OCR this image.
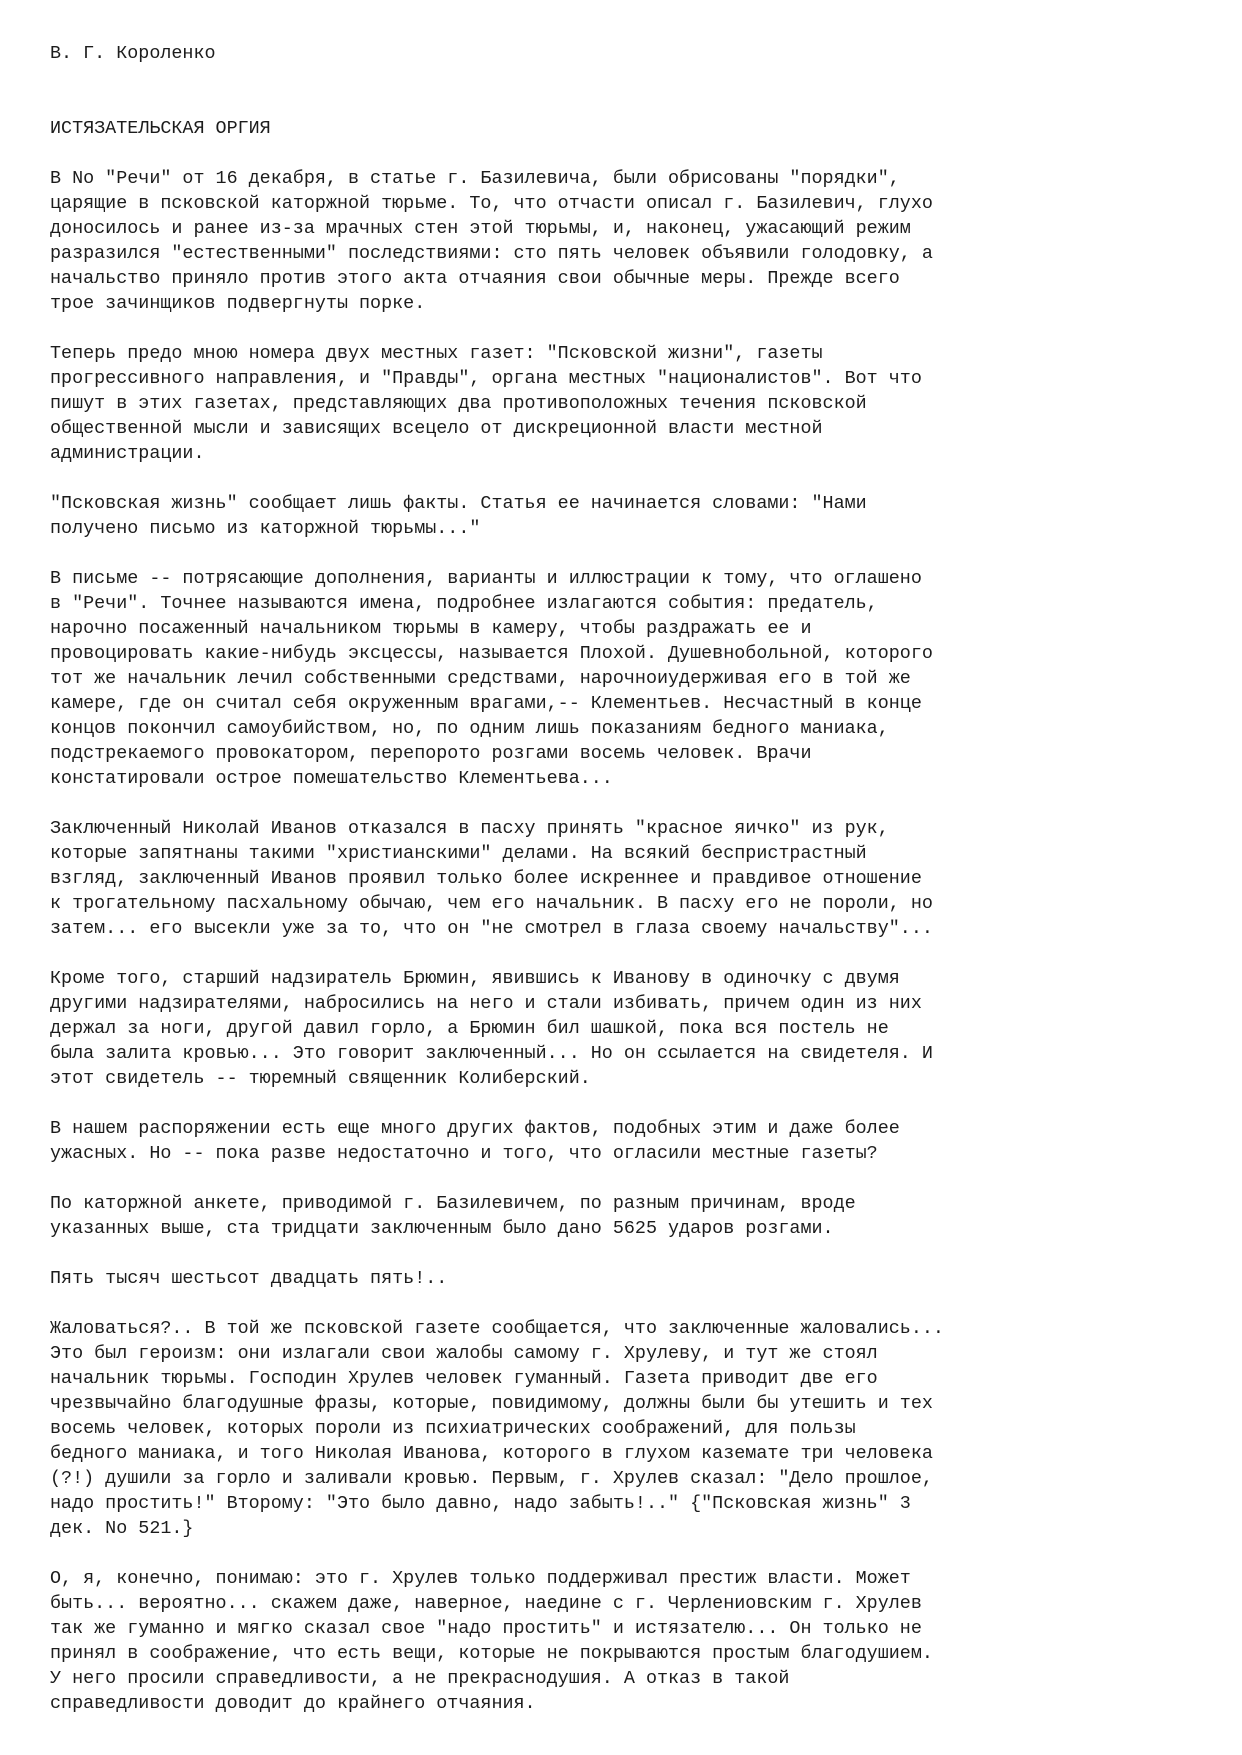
В. Г. Короленко
ИСТЯЗАТЕЛЬСКАЯ ОРГИЯ
В No "Речи" от 16 декабря, в статье г. Базилевича, были обрисованы "порядки",
царящие в псковской каторжной тюрьме. То, что отчасти описал г. Базилевич, глухо
доносилось и ранее из-за мрачных стен этой тюрьмы, и, наконец, ужасающий режим
разразился "естественными" последствиями: сто пять человек объявили голодовку, а
начальство приняло против этого акта отчаяния свои обычные меры. Прежде всего
трое зачинщиков подвергнуты порке.
Теперь предо мною номера двух местных газет: "Псковской жизни", газеты
прогрессивного направления, и "Правды", органа местных "националистов". Вот что
пишут в этих газетах, представляющих два противоположных течения псковской
общественной мысли и зависящих всецело от дискреционной власти местной
администрации.
"Псковская жизнь" сообщает лишь факты. Статья ее начинается словами: "Нами
получено письмо из каторжной тюрьмы..."
В письме -- потрясающие дополнения, варианты и иллюстрации к тому, что оглашено
в "Речи". Точнее называются имена, подробнее излагаются события: предатель,
нарочно посаженный начальником тюрьмы в камеру, чтобы раздражать ее и
провоцировать какие-нибудь эксцессы, называется Плохой. Душевнобольной, которого
тот же начальник лечил собственными средствами, нарочноиудерживая его в той же
камере, где он считал себя окруженным врагами,-- Клементьев. Несчастный в конце
концов покончил самоубийством, но, по одним лишь показаниям бедного маниака,
подстрекаемого провокатором, перепорото розгами восемь человек. Врачи
констатировали острое помешательство Клементьева...
Заключенный Николай Иванов отказался в пасху принять "красное яичко" из рук,
которые запятнаны такими "христианскими" делами. На всякий беспристрастный
взгляд, заключенный Иванов проявил только более искреннее и правдивое отношение
к трогательному пасхальному обычаю, чем его начальник. В пасху его не пороли, но
затем... его высекли уже за то, что он "не смотрел в глаза своему начальству"...
Кроме того, старший надзиратель Брюмин, явившись к Иванову в одиночку с двумя
другими надзирателями, набросились на него и стали избивать, причем один из них
держал за ноги, другой давил горло, а Брюмин бил шашкой, пока вся постель не
была залита кровью... Это говорит заключенный... Но он ссылается на свидетеля. И
этот свидетель -- тюремный священник Колиберский.
В нашем распоряжении есть еще много других фактов, подобных этим и даже более
ужасных. Но -- пока разве недостаточно и того, что огласили местные газеты?
По каторжной анкете, приводимой г. Базилевичем, по разным причинам, вроде
указанных выше, ста тридцати заключенным было дано 5625 ударов розгами.
Пять тысяч шестьсот двадцать пять!..
Жаловаться?.. В той же псковской газете сообщается, что заключенные жаловались...
Это был героизм: они излагали свои жалобы самому г. Хрулеву, и тут же стоял
начальник тюрьмы. Господин Хрулев человек гуманный. Газета приводит две его
чрезвычайно благодушные фразы, которые, повидимому, должны были бы утешить и тех
восемь человек, которых пороли из психиатрических соображений, для пользы
бедного маниака, и того Николая Иванова, которого в глухом каземате три человека
(?!) душили за горло и заливали кровью. Первым, г. Хрулев сказал: "Дело прошлое,
надо простить!" Второму: "Это было давно, надо забыть!.." {"Псковская жизнь" 3
дек. No 521.}
О, я, конечно, понимаю: это г. Хрулев только поддерживал престиж власти. Может
быть... вероятно... скажем даже, наверное, наедине с г. Черлениовским г. Хрулев
так же гуманно и мягко сказал свое "надо простить" и истязателю... Он только не
принял в соображение, что есть вещи, которые не покрываются простым благодушием.
У него просили справедливости, а не прекраснодушия. А отказ в такой
справедливости доводит до крайнего отчаяния.
